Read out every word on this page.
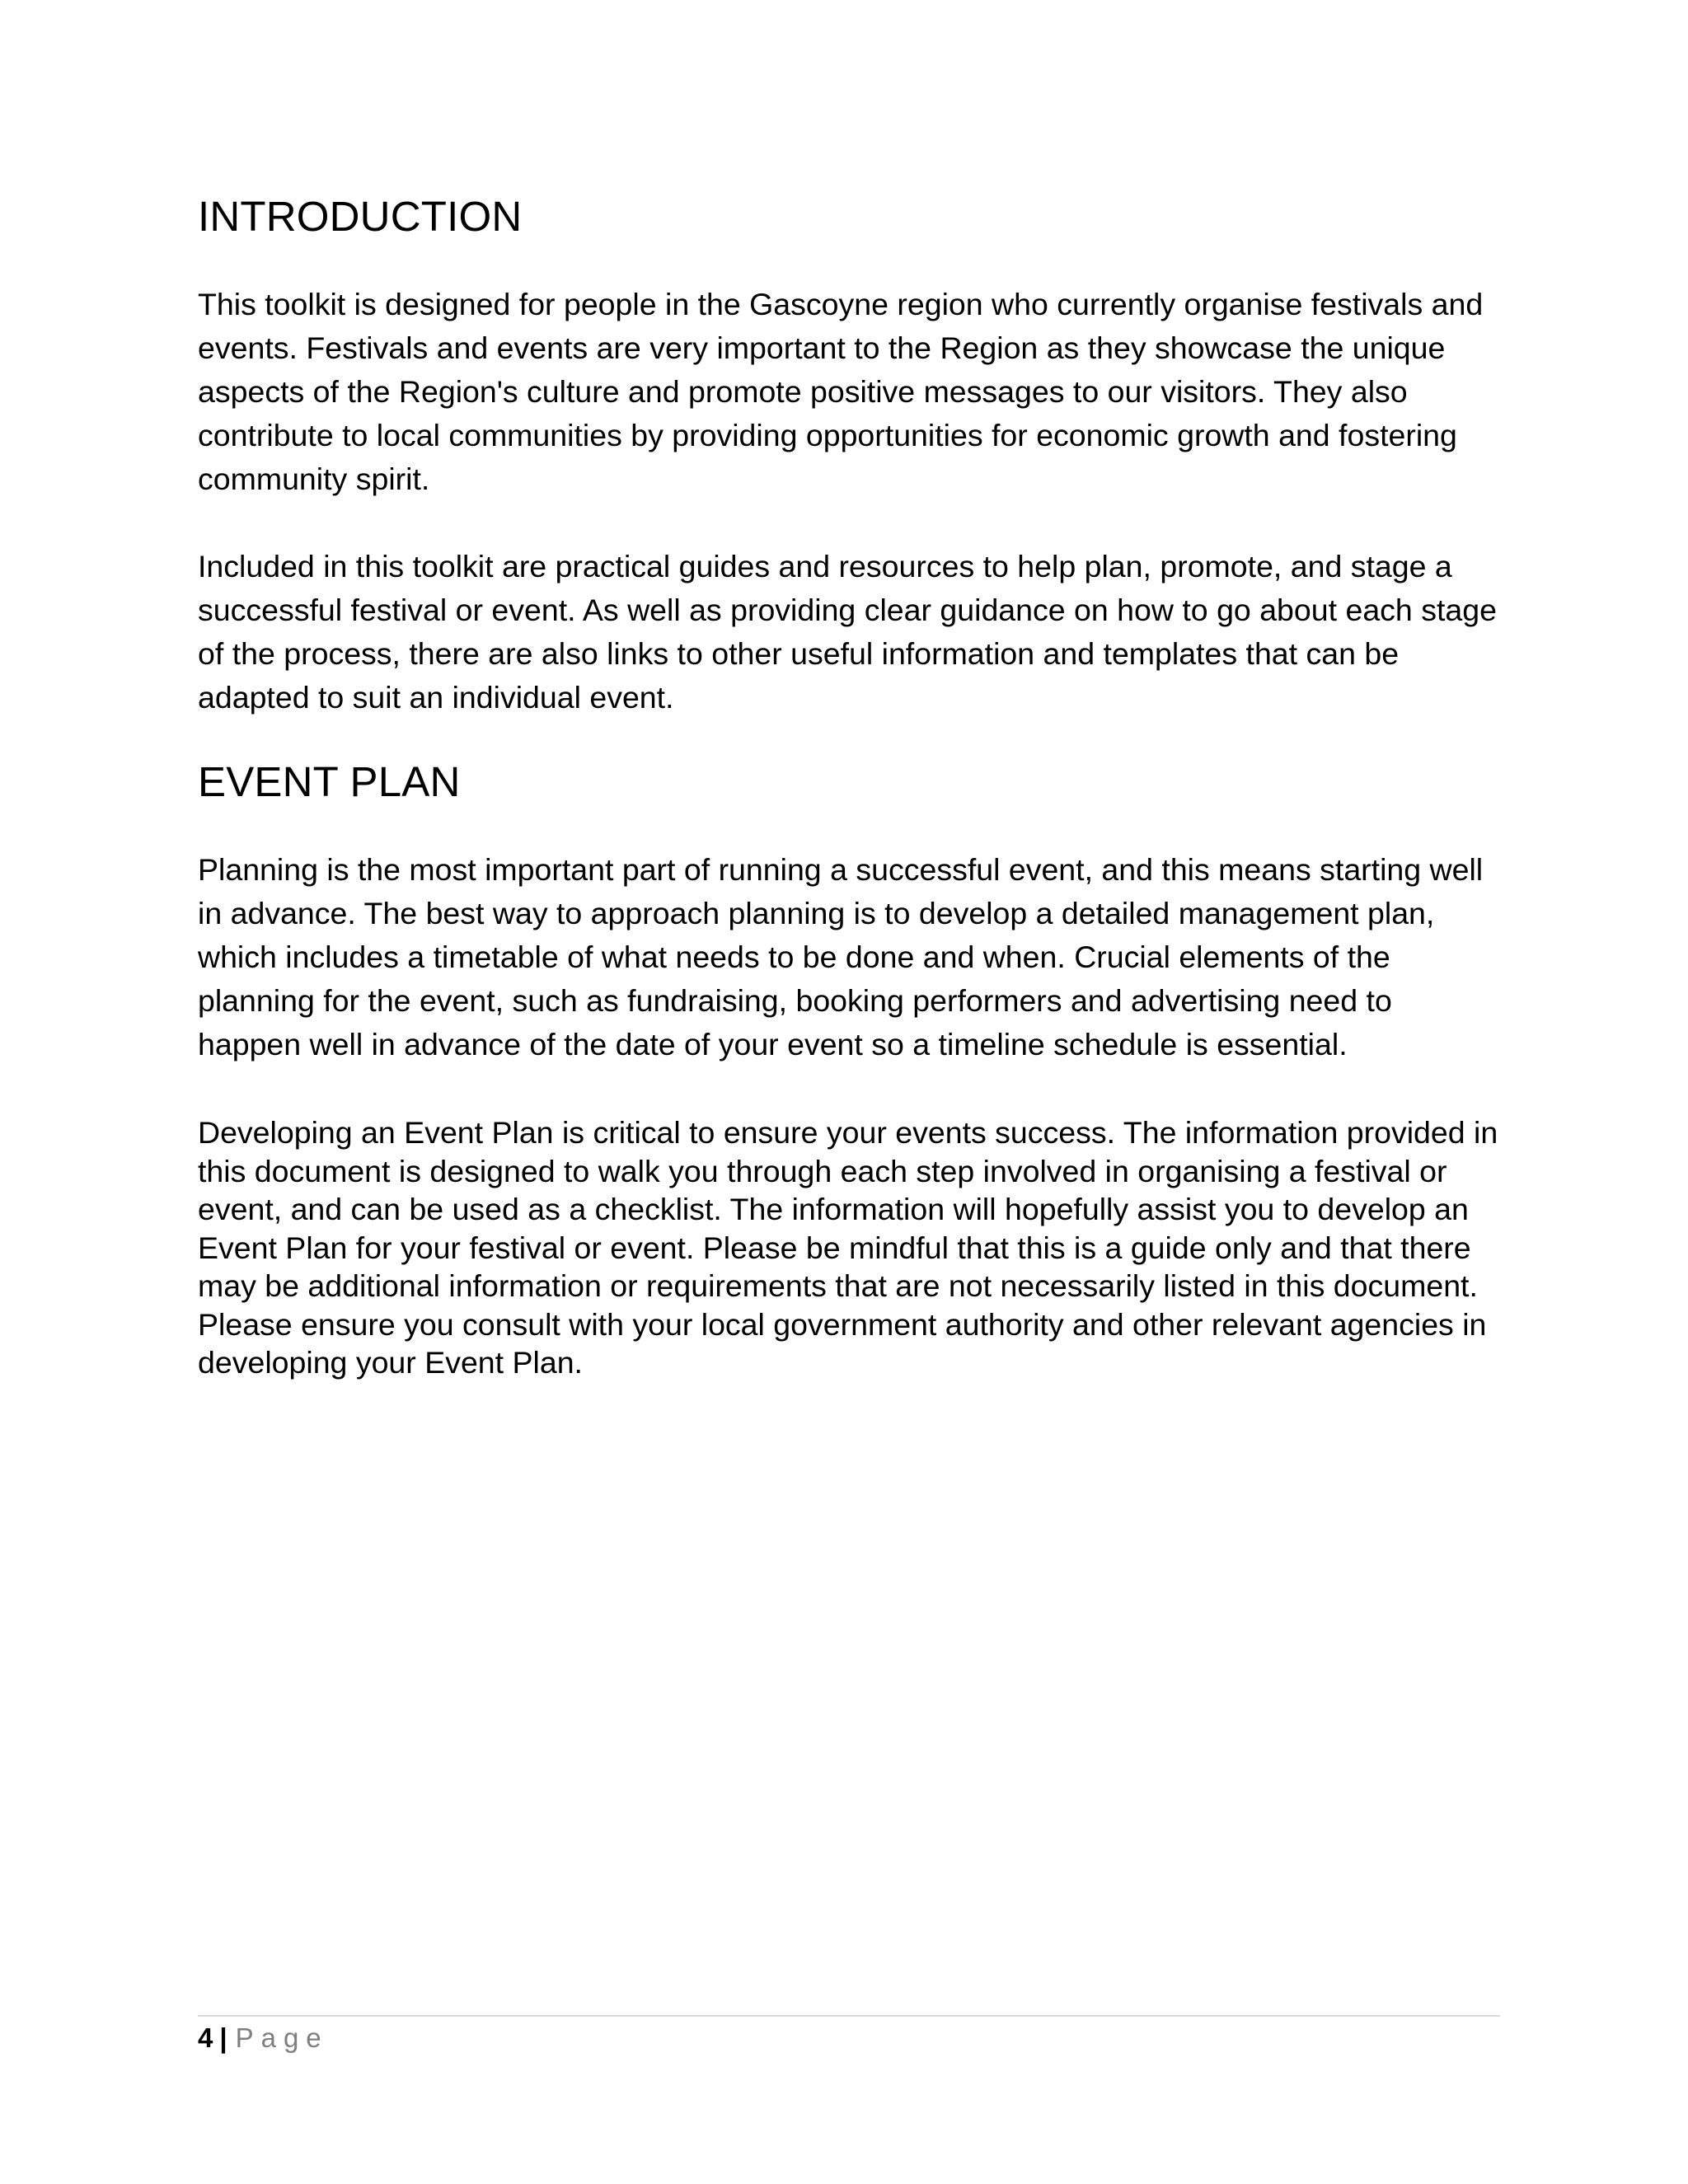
INTRODUCTION

This toolkit is designed for people in the Gascoyne region who currently organise festivals and events. Festivals and events are very important to the Region as they showcase the unique aspects of the Region's culture and promote positive messages to our visitors. They also contribute to local communities by providing opportunities for economic growth and fostering community spirit.

Included in this toolkit are practical guides and resources to help plan, promote, and stage a successful festival or event. As well as providing clear guidance on how to go about each stage of the process, there are also links to other useful information and templates that can be adapted to suit an individual event.

EVENT PLAN

Planning is the most important part of running a successful event, and this means starting well in advance. The best way to approach planning is to develop a detailed management plan, which includes a timetable of what needs to be done and when. Crucial elements of the planning for the event, such as fundraising, booking performers and advertising need to happen well in advance of the date of your event so a timeline schedule is essential.

Developing an Event Plan is critical to ensure your events success. The information provided in this document is designed to walk you through each step involved in organising a festival or event, and can be used as a checklist. The information will hopefully assist you to develop an Event Plan for your festival or event. Please be mindful that this is a guide only and that there may be additional information or requirements that are not necessarily listed in this document. Please ensure you consult with your local government authority and other relevant agencies in developing your Event Plan.

4 | Page
